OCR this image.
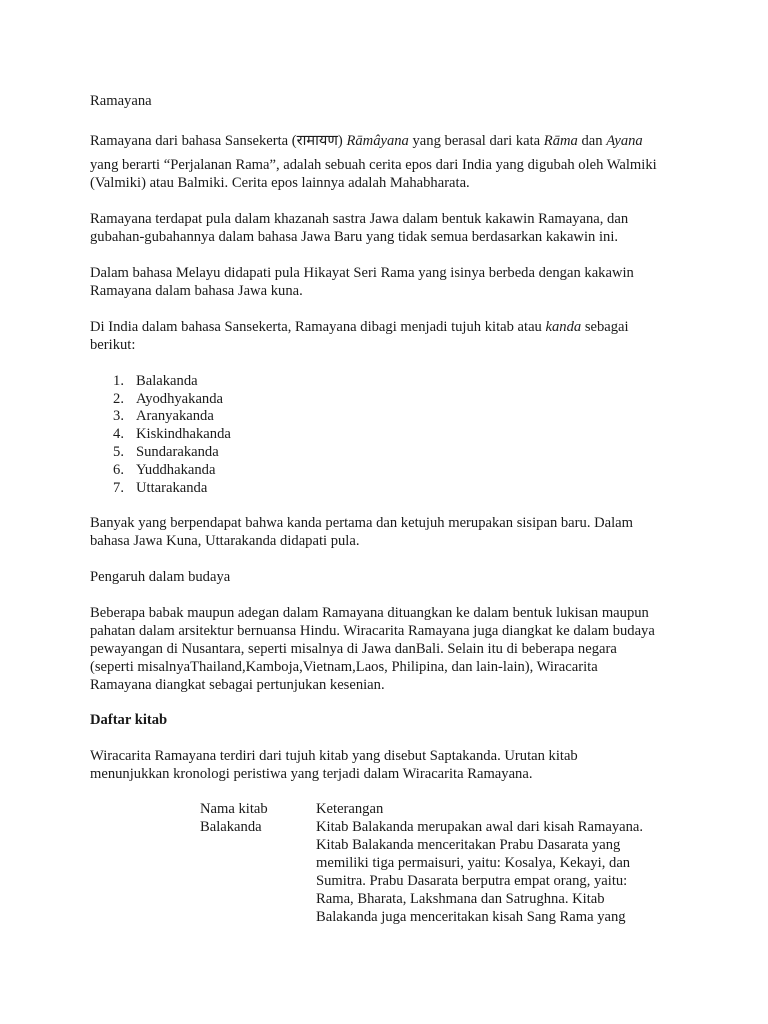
Ramayana
Ramayana dari bahasa Sansekerta (रामायण) Rāmâyana yang berasal dari kata Rāma dan Ayana
yang berarti “Perjalanan Rama”, adalah sebuah cerita epos dari India yang digubah oleh Walmiki
(Valmiki) atau Balmiki. Cerita epos lainnya adalah Mahabharata.
Ramayana terdapat pula dalam khazanah sastra Jawa dalam bentuk kakawin Ramayana, dan
gubahan-gubahannya dalam bahasa Jawa Baru yang tidak semua berdasarkan kakawin ini.
Dalam bahasa Melayu didapati pula Hikayat Seri Rama yang isinya berbeda dengan kakawin
Ramayana dalam bahasa Jawa kuna.
Di India dalam bahasa Sansekerta, Ramayana dibagi menjadi tujuh kitab atau kanda sebagai
berikut:
1. Balakanda
2. Ayodhyakanda
3. Aranyakanda
4. Kiskindhakanda
5. Sundarakanda
6. Yuddhakanda
7. Uttarakanda
Banyak yang berpendapat bahwa kanda pertama dan ketujuh merupakan sisipan baru. Dalam
bahasa Jawa Kuna, Uttarakanda didapati pula.
Pengaruh dalam budaya
Beberapa babak maupun adegan dalam Ramayana dituangkan ke dalam bentuk lukisan maupun
pahatan dalam arsitektur bernuansa Hindu. Wiracarita Ramayana juga diangkat ke dalam budaya
pewayangan di Nusantara, seperti misalnya di Jawa danBali. Selain itu di beberapa negara
(seperti misalnyaThailand,Kamboja,Vietnam,Laos, Philipina, dan lain-lain), Wiracarita
Ramayana diangkat sebagai pertunjukan kesenian.
Daftar kitab
Wiracarita Ramayana terdiri dari tujuh kitab yang disebut Saptakanda. Urutan kitab
menunjukkan kronologi peristiwa yang terjadi dalam Wiracarita Ramayana.
Nama kitab	Keterangan
Balakanda	Kitab Balakanda merupakan awal dari kisah Ramayana.
Kitab Balakanda menceritakan Prabu Dasarata yang
memiliki tiga permaisuri, yaitu: Kosalya, Kekayi, dan
Sumitra. Prabu Dasarata berputra empat orang, yaitu:
Rama, Bharata, Lakshmana dan Satrughna. Kitab
Balakanda juga menceritakan kisah Sang Rama yang
